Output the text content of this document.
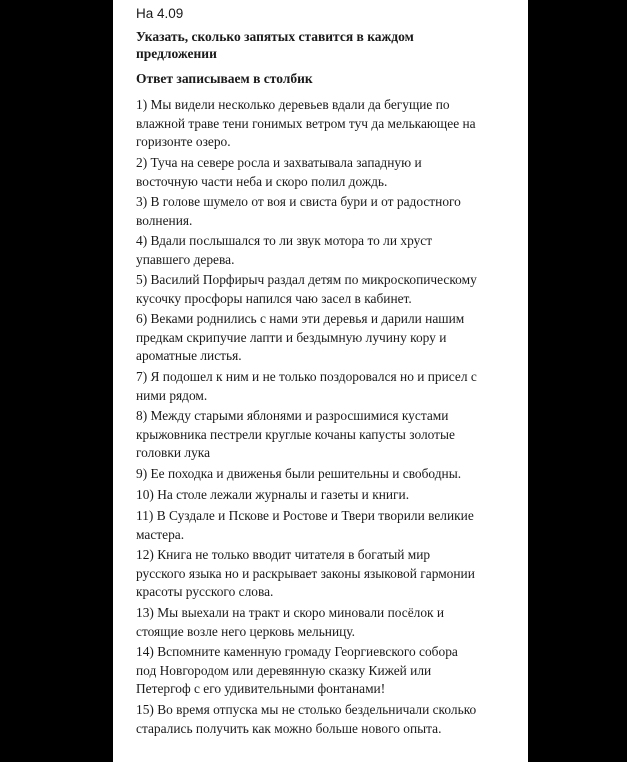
На 4.09
Указать, сколько запятых ставится в каждом
предложении
Ответ записываем в столбик
1) Мы видели несколько деревьев вдали да бегущие по
влажной траве тени гонимых ветром туч да мелькающее на
горизонте озеро.
2) Туча на севере росла и захватывала западную и
восточную части неба и скоро полил дождь.
3) В голове шумело от воя и свиста бури и от радостного
волнения.
4) Вдали послышался то ли звук мотора то ли хруст
упавшего дерева.
5) Василий Порфирыч раздал детям по микроскопическому
кусочку просфоры напился чаю засел в кабинет.
6) Веками роднились с нами эти деревья и дарили нашим
предкам скрипучие лапти и бездымную лучину кору и
ароматные листья.
7) Я подошел к ним и не только поздоровался но и присел с
ними рядом.
8) Между старыми яблонями и разросшимися кустами
крыжовника пестрели круглые кочаны капусты золотые
головки лука
9) Ее походка и движенья были решительны и свободны.
10) На столе лежали журналы и газеты и книги.
11) В Суздале и Пскове и Ростове и Твери творили великие
мастера.
12) Книга не только вводит читателя в богатый мир
русского языка но и раскрывает законы языковой гармонии
красоты русского слова.
13) Мы выехали на тракт и скоро миновали посёлок и
стоящие возле него церковь мельницу.
14) Вспомните каменную громаду Георгиевского собора
под Новгородом или деревянную сказку Кижей или
Петергоф с его удивительными фонтанами!
15) Во время отпуска мы не столько бездельничали сколько
старались получить как можно больше нового опыта.
